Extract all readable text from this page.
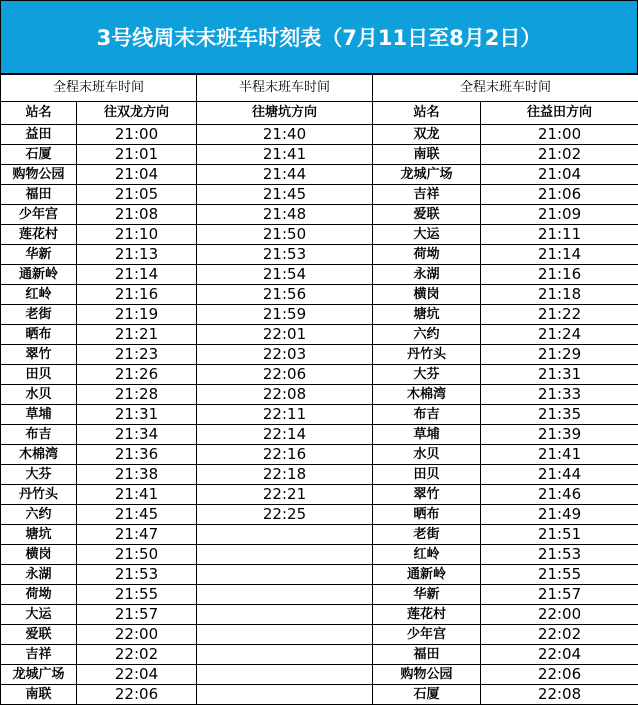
3号线周末末班车时刻表（7月11日至8月2日）
全程末班车时间		半程末班车时间	全程末班车时间	
站名	往双龙方向	往塘坑方向	站名	往益田方向
益田	21:00	21:40	双龙	21:00
石厦	21:01	21:41	南联	21:02
购物公园	21:04	21:44	龙城广场	21:04
福田	21:05	21:45	吉祥	21:06
少年宫	21:08	21:48	爱联	21:09
莲花村	21:10	21:50	大运	21:11
华新	21:13	21:53	荷坳	21:14
通新岭	21:14	21:54	永湖	21:16
红岭	21:16	21:56	横岗	21:18
老街	21:19	21:59	塘坑	21:22
晒布	21:21	22:01	六约	21:24
翠竹	21:23	22:03	丹竹头	21:29
田贝	21:26	22:06	大芬	21:31
水贝	21:28	22:08	木棉湾	21:33
草埔	21:31	22:11	布吉	21:35
布吉	21:34	22:14	草埔	21:39
木棉湾	21:36	22:16	水贝	21:41
大芬	21:38	22:18	田贝	21:44
丹竹头	21:41	22:21	翠竹	21:46
六约	21:45	22:25	晒布	21:49
塘坑	21:47		老街	21:51
横岗	21:50		红岭	21:53
永湖	21:53		通新岭	21:55
荷坳	21:55		华新	21:57
大运	21:57		莲花村	22:00
爱联	22:00		少年宫	22:02
吉祥	22:02		福田	22:04
龙城广场	22:04		购物公园	22:06
南联	22:06		石厦	22:08
